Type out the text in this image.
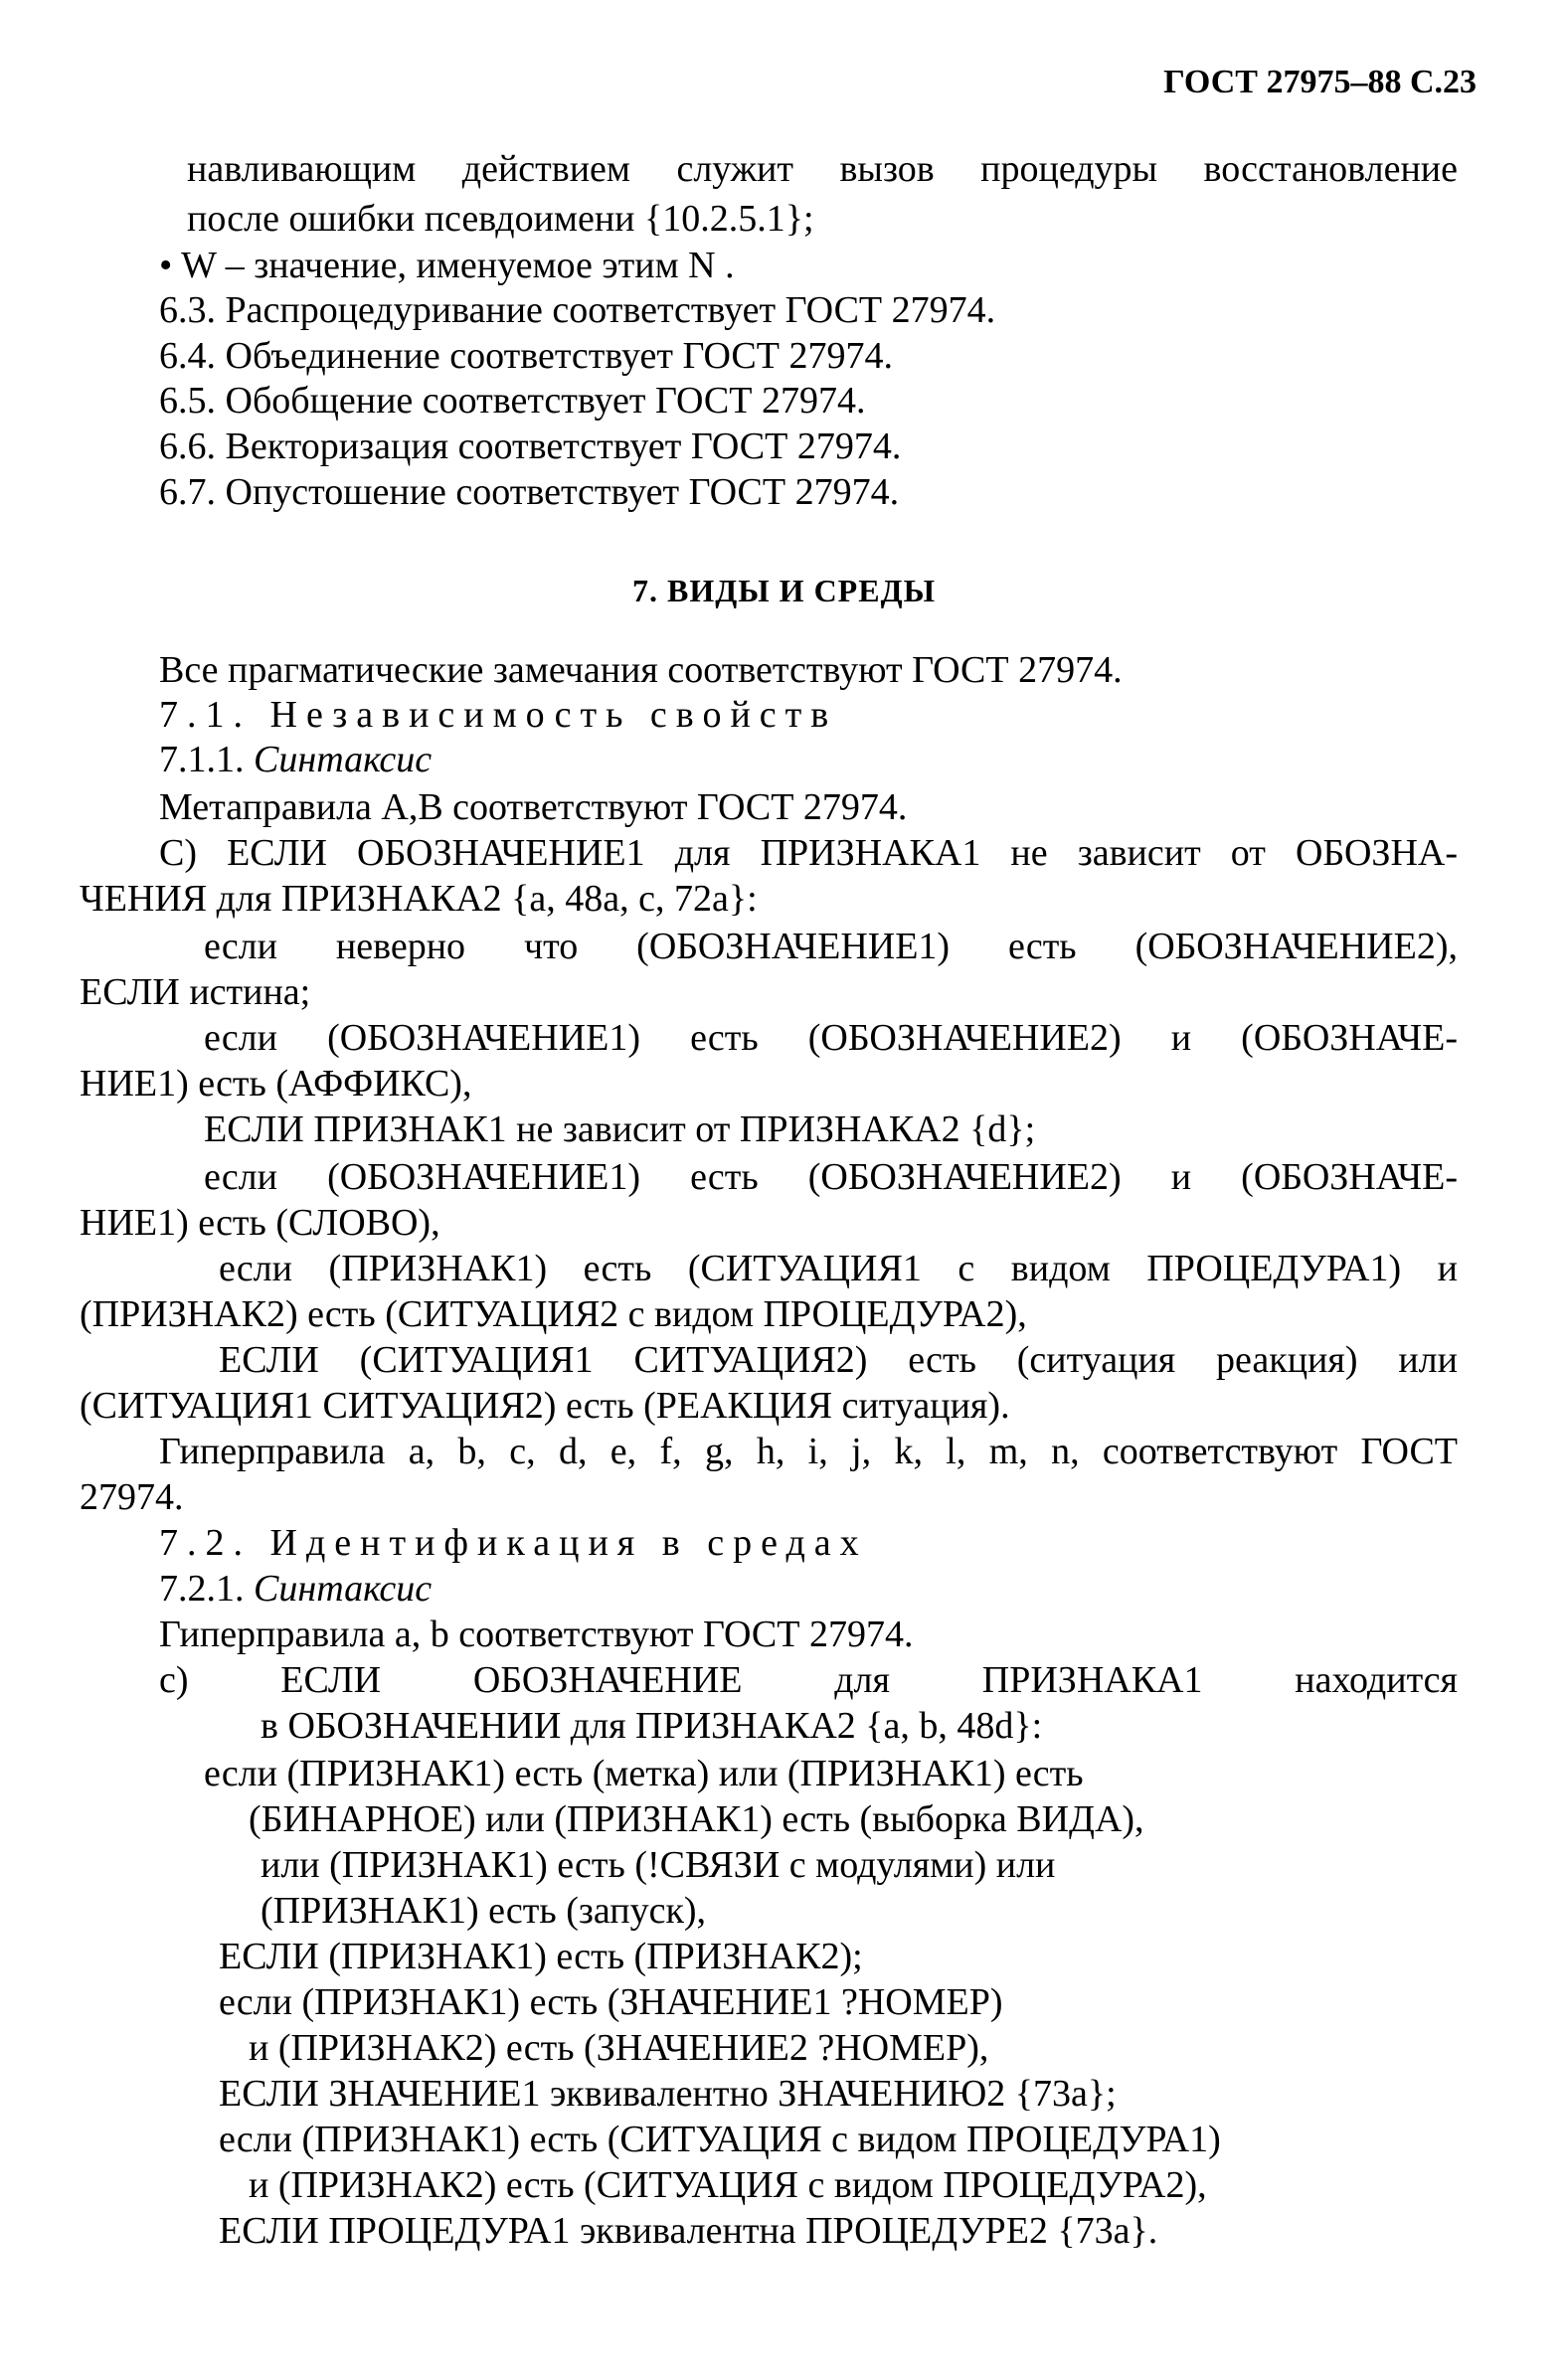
ГОСТ 27975–88 С.23
навливающим действием служит вызов процедуры восстановление
после ошибки псевдоимени {10.2.5.1};
• W – значение, именуемое этим N .
6.3. Распроцедуривание соответствует ГОСТ 27974.
6.4. Объединение соответствует ГОСТ 27974.
6.5. Обобщение соответствует ГОСТ 27974.
6.6. Векторизация соответствует ГОСТ 27974.
6.7. Опустошение соответствует ГОСТ 27974.
7. ВИДЫ И СРЕДЫ
Все прагматические замечания соответствуют ГОСТ 27974.
7.1. Независимость свойств
7.1.1. Синтаксис
Метаправила A,B соответствуют ГОСТ 27974.
C) ЕСЛИ ОБОЗНАЧЕНИЕ1 для ПРИЗНАКА1 не зависит от ОБОЗНА-
ЧЕНИЯ для ПРИЗНАКА2 {a, 48a, c, 72a}:
если неверно что (ОБОЗНАЧЕНИЕ1) есть (ОБОЗНАЧЕНИЕ2),
ЕСЛИ истина;
если (ОБОЗНАЧЕНИЕ1) есть (ОБОЗНАЧЕНИЕ2) и (ОБОЗНАЧЕ-
НИЕ1) есть (АФФИКС),
ЕСЛИ ПРИЗНАК1 не зависит от ПРИЗНАКА2 {d};
если (ОБОЗНАЧЕНИЕ1) есть (ОБОЗНАЧЕНИЕ2) и (ОБОЗНАЧЕ-
НИЕ1) есть (СЛОВО),
если (ПРИЗНАК1) есть (СИТУАЦИЯ1 с видом ПРОЦЕДУРА1) и
(ПРИЗНАК2) есть (СИТУАЦИЯ2 с видом ПРОЦЕДУРА2),
ЕСЛИ (СИТУАЦИЯ1 СИТУАЦИЯ2) есть (ситуация реакция) или
(СИТУАЦИЯ1 СИТУАЦИЯ2) есть (РЕАКЦИЯ ситуация).
Гиперправила a, b, c, d, e, f, g, h, i, j, k, l, m, n, соответствуют ГОСТ
27974.
7.2. Идентификация в средах
7.2.1. Синтаксис
Гиперправила a, b соответствуют ГОСТ 27974.
c) ЕСЛИ ОБОЗНАЧЕНИЕ для ПРИЗНАКА1 находится
в ОБОЗНАЧЕНИИ для ПРИЗНАКА2 {a, b, 48d}:
если (ПРИЗНАК1) есть (метка) или (ПРИЗНАК1) есть
(БИНАРНОЕ) или (ПРИЗНАК1) есть (выборка ВИДА),
или (ПРИЗНАК1) есть (!СВЯЗИ с модулями) или
(ПРИЗНАК1) есть (запуск),
ЕСЛИ (ПРИЗНАК1) есть (ПРИЗНАК2);
если (ПРИЗНАК1) есть (ЗНАЧЕНИЕ1 ?НОМЕР)
и (ПРИЗНАК2) есть (ЗНАЧЕНИЕ2 ?НОМЕР),
ЕСЛИ ЗНАЧЕНИЕ1 эквивалентно ЗНАЧЕНИЮ2 {73a};
если (ПРИЗНАК1) есть (СИТУАЦИЯ с видом ПРОЦЕДУРА1)
и (ПРИЗНАК2) есть (СИТУАЦИЯ с видом ПРОЦЕДУРА2),
ЕСЛИ ПРОЦЕДУРА1 эквивалентна ПРОЦЕДУРЕ2 {73a}.
